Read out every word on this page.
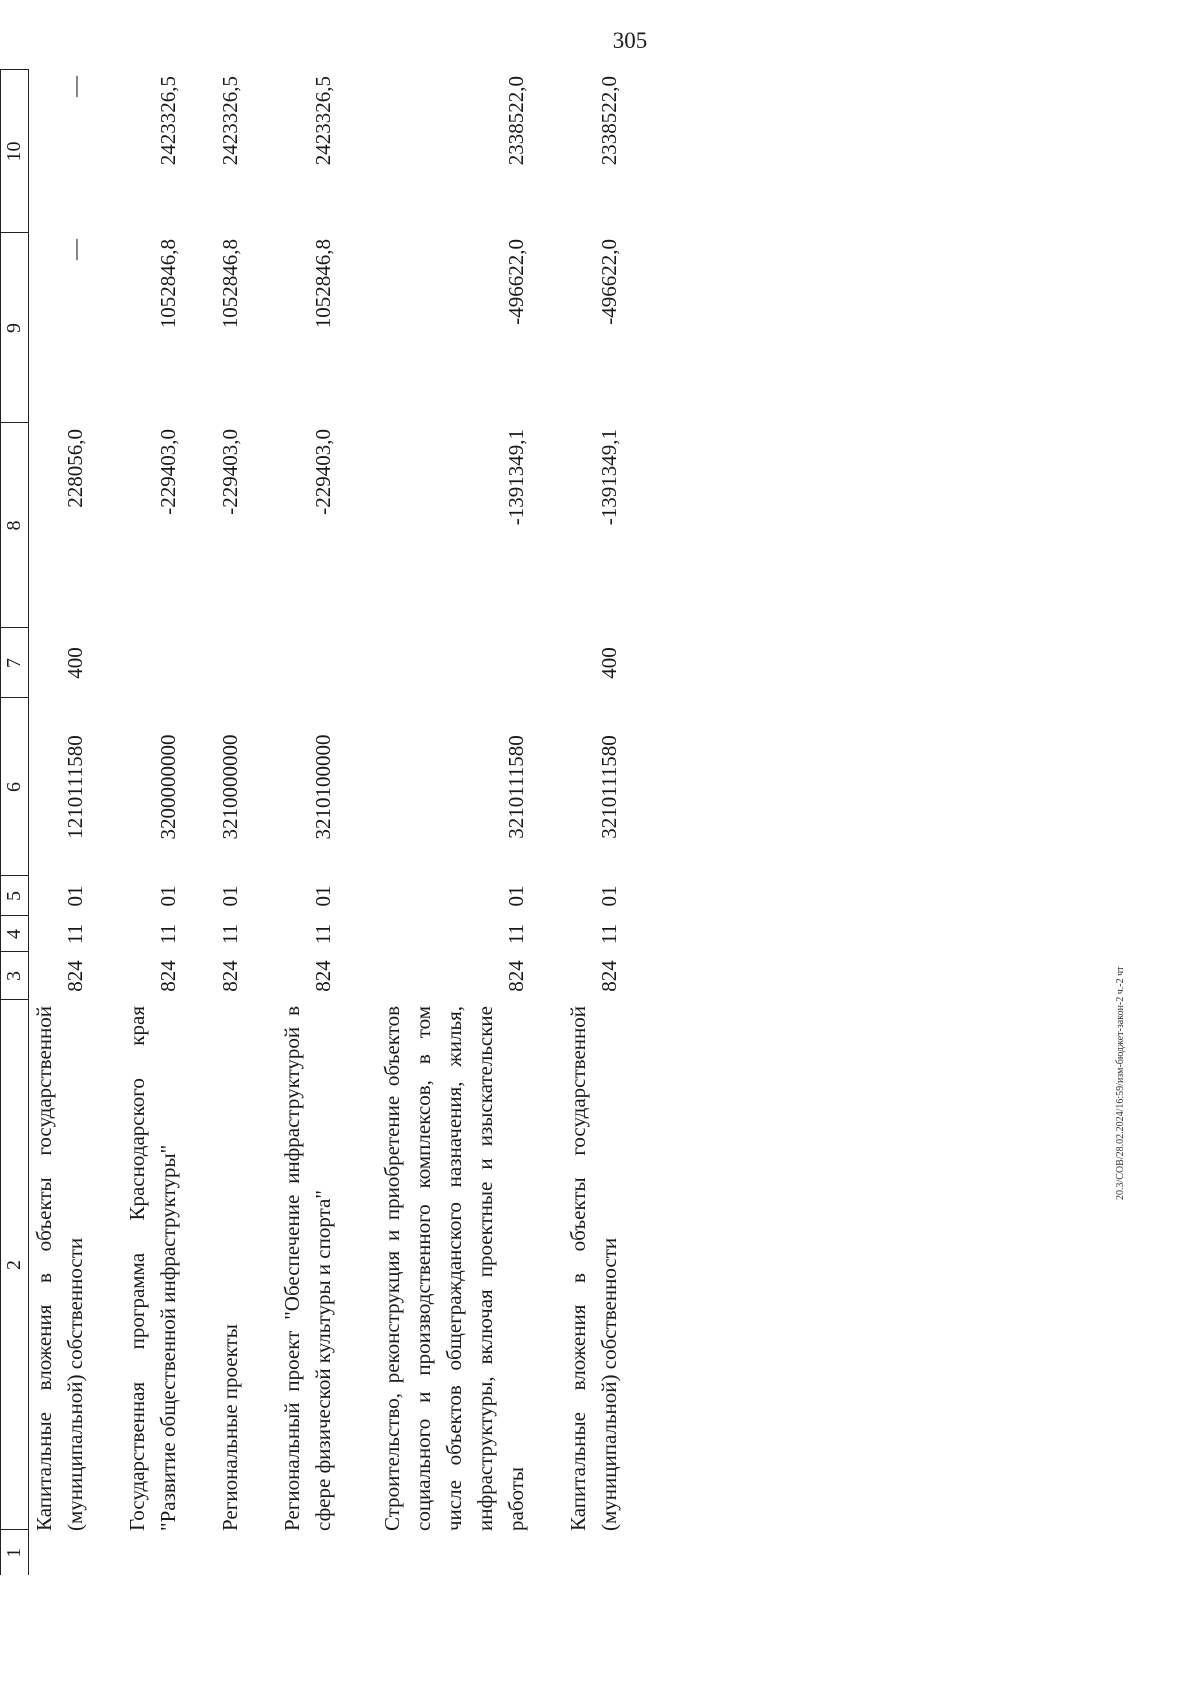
305
20.3/СОВ/28.02.2024/16:59/изм-бюджет-закон-2 ч.-2 чт
1	2	3	4	5	6	7	8	9	10
Капитальные вложения в объекты государственной (муниципальной) собственности		824	11	01	1210111580	400	228056,0	—	—

Государственная программа Краснодарского края "Развитие общественной инфраструктуры"		824	11	01	3200000000		-229403,0	1052846,8	2423326,5

Региональные проекты		824	11	01	3210000000		-229403,0	1052846,8	2423326,5

Региональный проект "Обеспечение инфраструктурой в сфере физической культуры и спорта"		824	11	01	3210100000		-229403,0	1052846,8	2423326,5

Строительство, реконструкция и приобретение объектов социального и производственного комплексов, в том числе объектов общегражданского назначения, жилья, инфраструктуры, включая проектные и изыскательские работы		824	11	01	3210111580		-1391349,1	-496622,0	2338522,0

Капитальные вложения в объекты государственной (муниципальной) собственности		824	11	01	3210111580	400	-1391349,1	-496622,0	2338522,0
